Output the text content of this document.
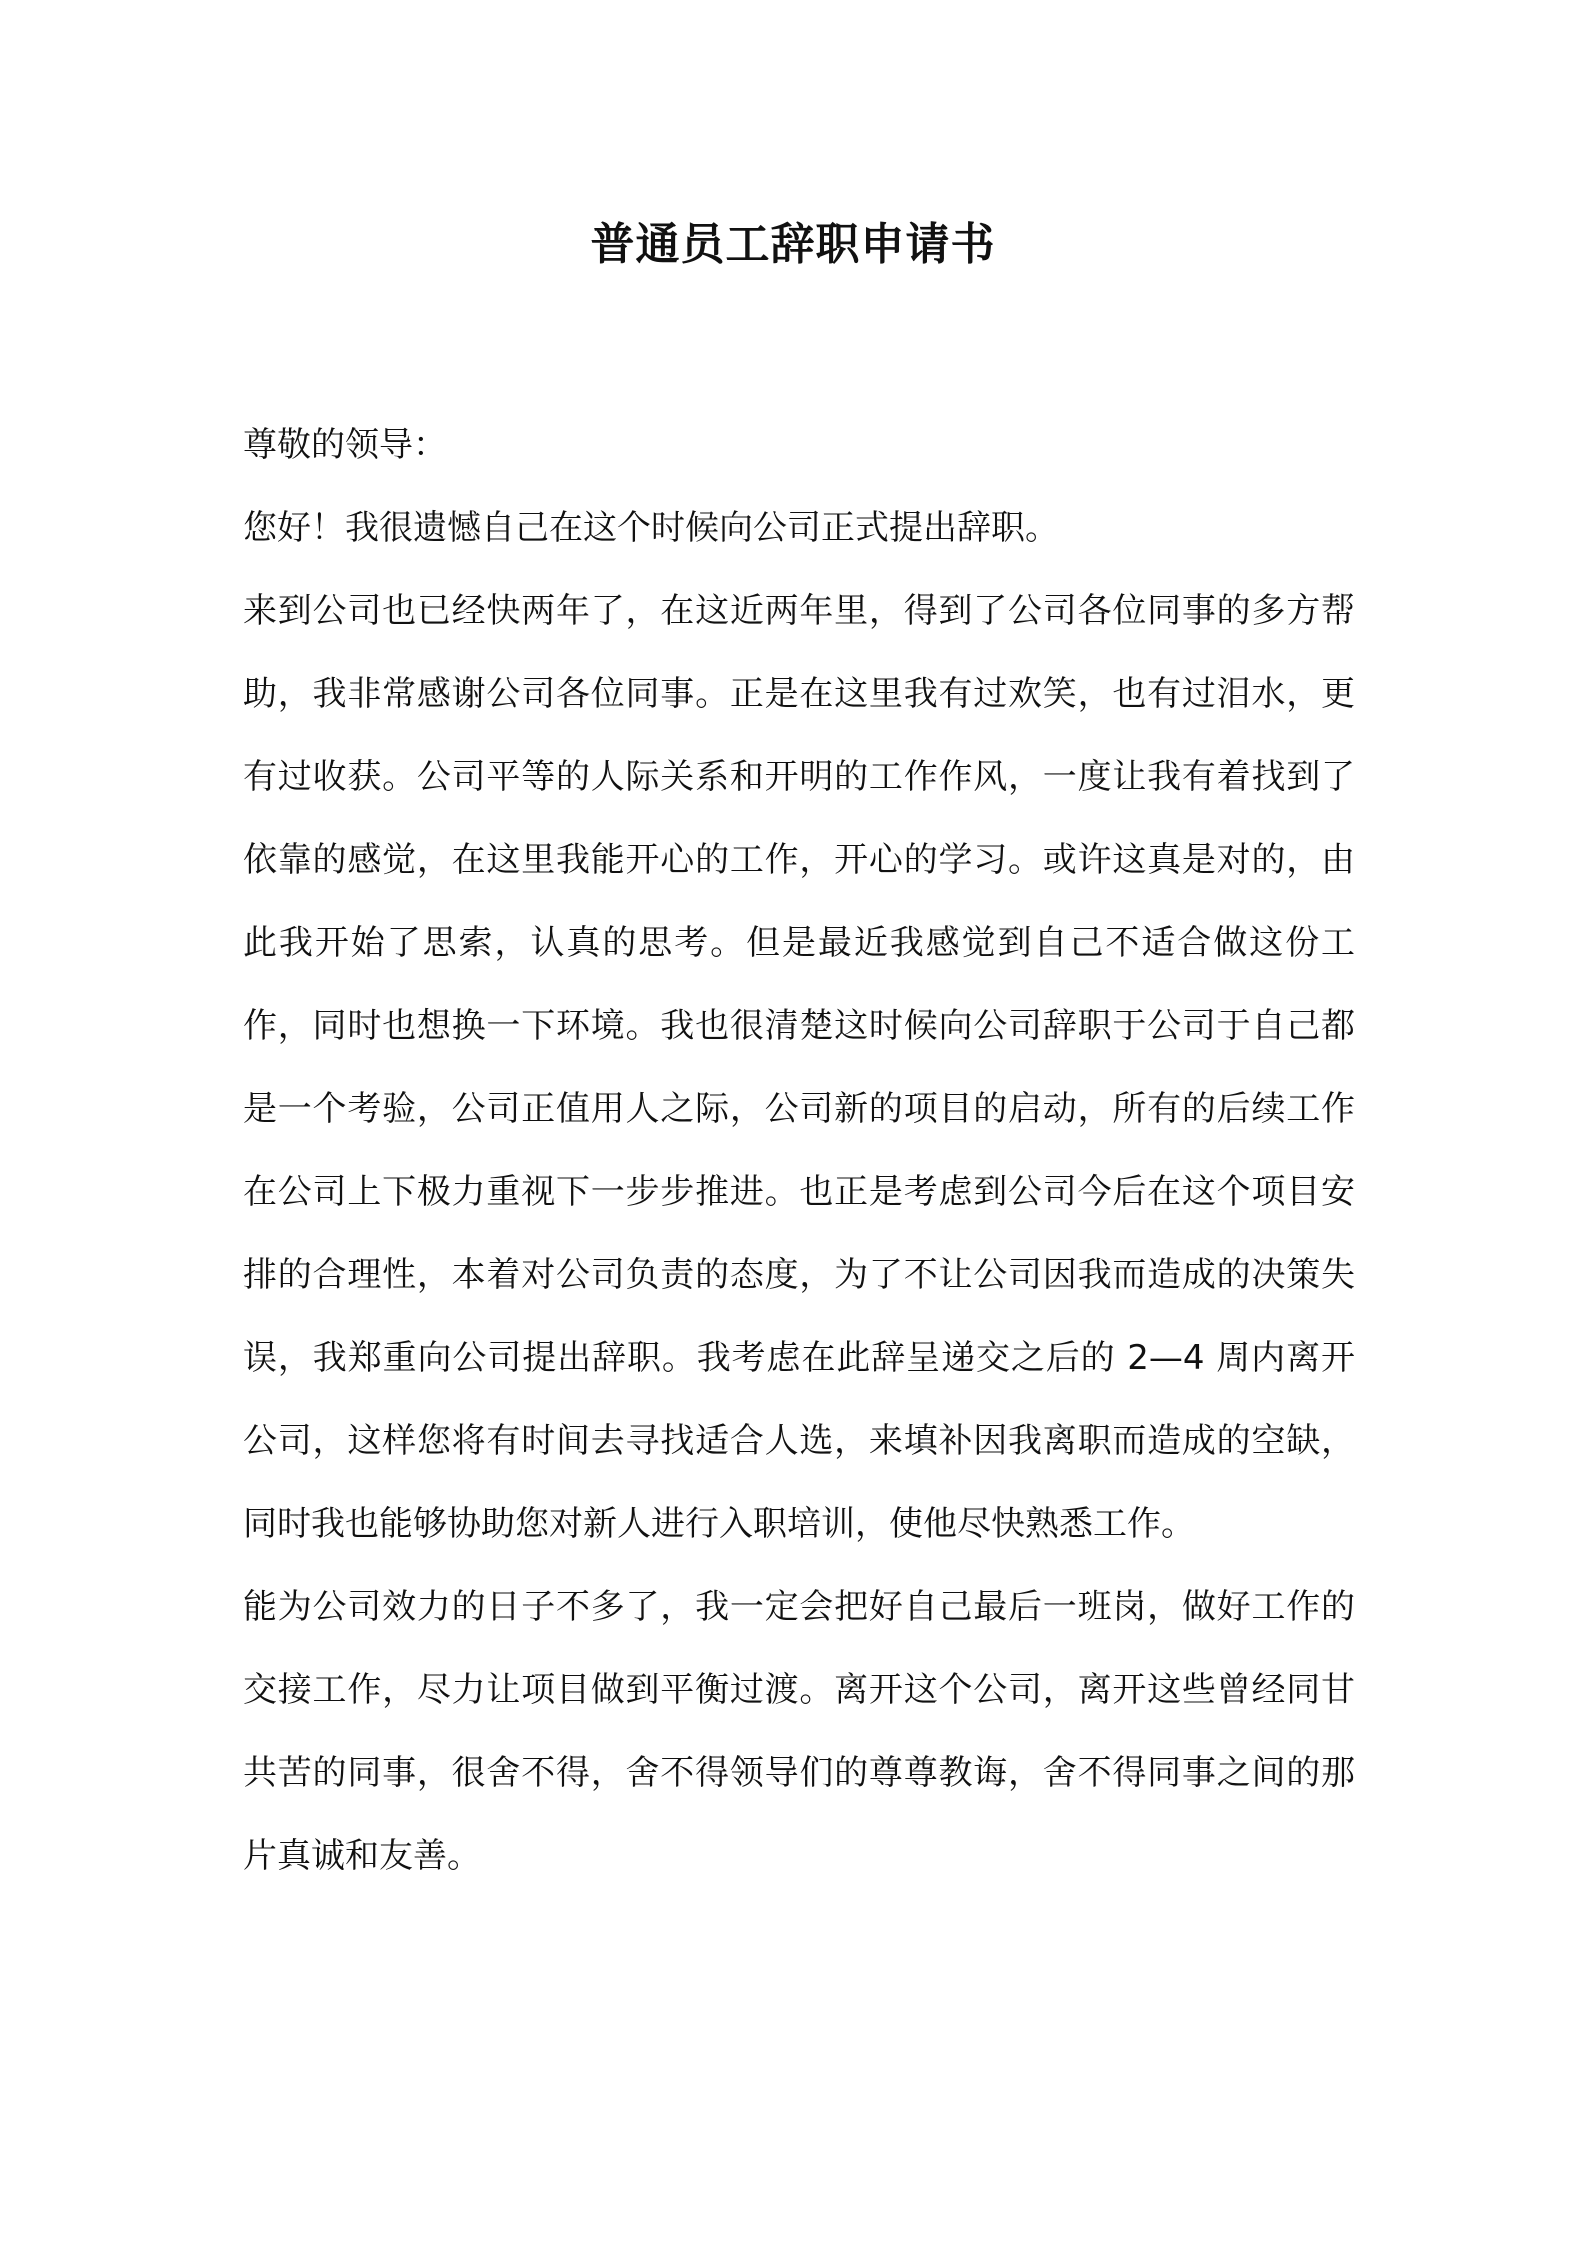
普通员工辞职申请书

尊敬的领导：

您好！我很遗憾自己在这个时候向公司正式提出辞职。

来到公司也已经快两年了，在这近两年里，得到了公司各位同事的多方帮助，我非常感谢公司各位同事。正是在这里我有过欢笑，也有过泪水，更有过收获。公司平等的人际关系和开明的工作作风，一度让我有着找到了依靠的感觉，在这里我能开心的工作，开心的学习。或许这真是对的，由此我开始了思索，认真的思考。但是最近我感觉到自己不适合做这份工作，同时也想换一下环境。我也很清楚这时候向公司辞职于公司于自己都是一个考验，公司正值用人之际，公司新的项目的启动，所有的后续工作在公司上下极力重视下一步步推进。也正是考虑到公司今后在这个项目安排的合理性，本着对公司负责的态度，为了不让公司因我而造成的决策失误，我郑重向公司提出辞职。我考虑在此辞呈递交之后的 2—4 周内离开公司，这样您将有时间去寻找适合人选，来填补因我离职而造成的空缺，同时我也能够协助您对新人进行入职培训，使他尽快熟悉工作。

能为公司效力的日子不多了，我一定会把好自己最后一班岗，做好工作的交接工作，尽力让项目做到平衡过渡。离开这个公司，离开这些曾经同甘共苦的同事，很舍不得，舍不得领导们的尊尊教诲，舍不得同事之间的那片真诚和友善。
